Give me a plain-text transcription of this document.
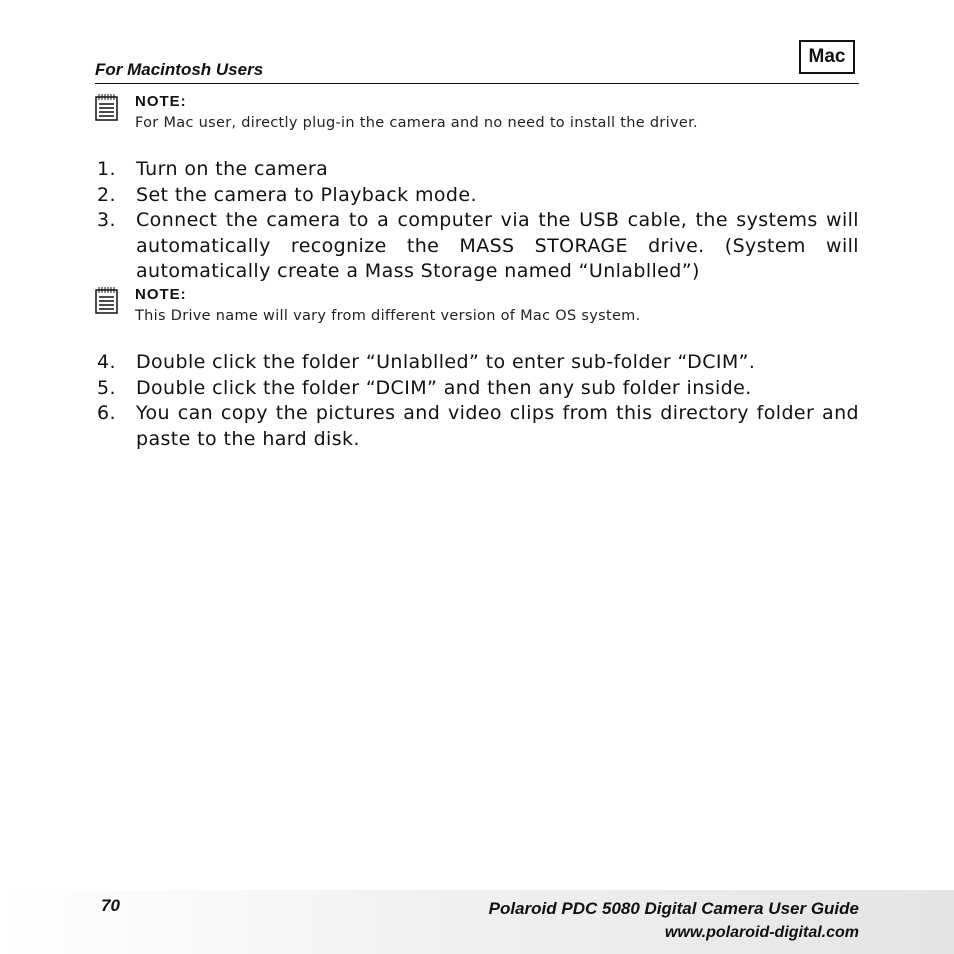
For Macintosh Users
Mac
NOTE:
For Mac user, directly plug-in the camera and no need to install the driver.
1. Turn on the camera
2. Set the camera to Playback mode.
3. Connect the camera to a computer via the USB cable, the systems will automatically recognize the MASS STORAGE drive. (System will automatically create a Mass Storage named “Unlablled”)
NOTE:
This Drive name will vary from different version of Mac OS system.
4. Double click the folder “Unlablled” to enter sub-folder “DCIM”.
5. Double click the folder “DCIM” and then any sub folder inside.
6. You can copy the pictures and video clips from this directory folder and paste to the hard disk.
70	Polaroid PDC 5080 Digital Camera User Guide
www.polaroid-digital.com
